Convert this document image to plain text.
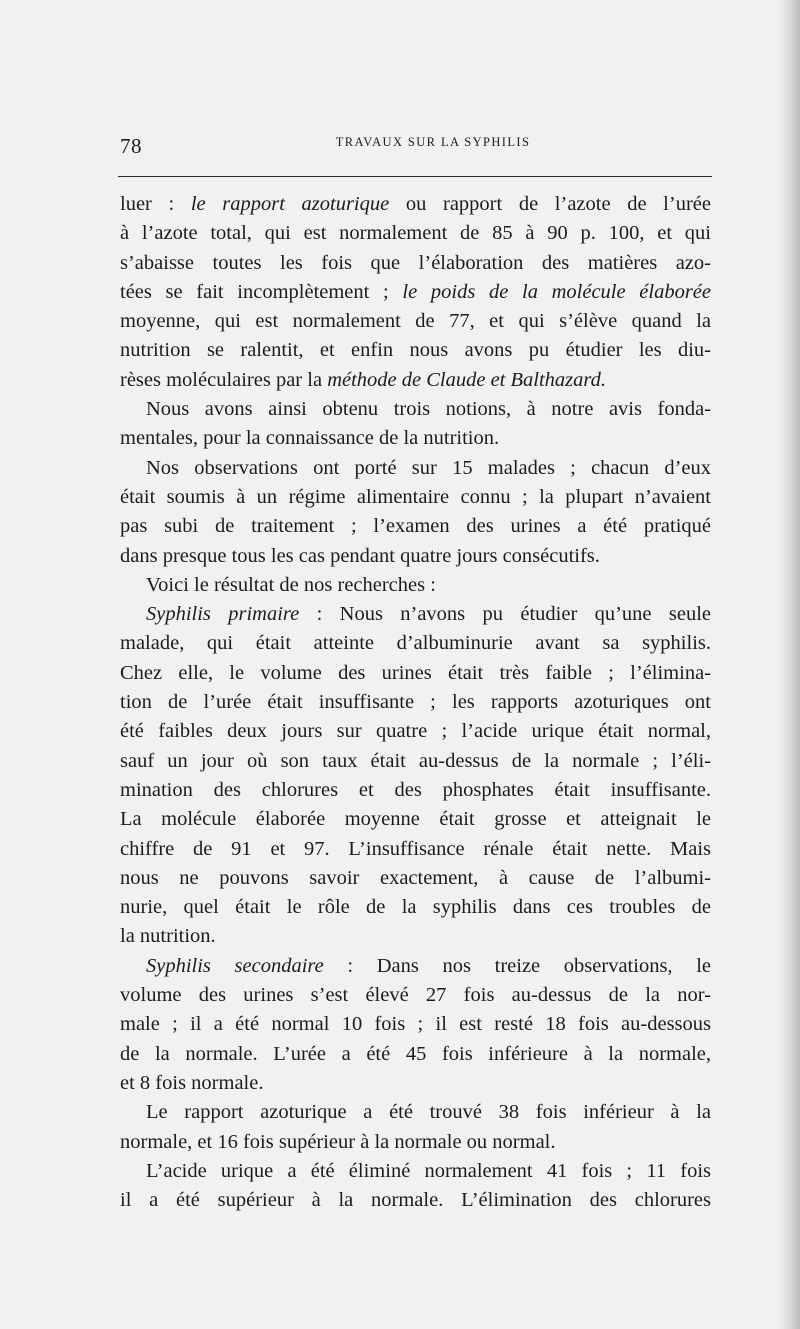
78	TRAVAUX SUR LA SYPHILIS
luer : le rapport azoturique ou rapport de l’azote de l’urée
à l’azote total, qui est normalement de 85 à 90 p. 100, et qui
s’abaisse toutes les fois que l’élaboration des matières azo-
tées se fait incomplètement ; le poids de la molécule élaborée
moyenne, qui est normalement de 77, et qui s’élève quand la
nutrition se ralentit, et enfin nous avons pu étudier les diu-
rèses moléculaires par la méthode de Claude et Balthazard.
Nous avons ainsi obtenu trois notions, à notre avis fonda-
mentales, pour la connaissance de la nutrition.
Nos observations ont porté sur 15 malades ; chacun d’eux
était soumis à un régime alimentaire connu ; la plupart n’avaient
pas subi de traitement ; l’examen des urines a été pratiqué
dans presque tous les cas pendant quatre jours consécutifs.
Voici le résultat de nos recherches :
Syphilis primaire : Nous n’avons pu étudier qu’une seule
malade, qui était atteinte d’albuminurie avant sa syphilis.
Chez elle, le volume des urines était très faible ; l’élimina-
tion de l’urée était insuffisante ; les rapports azoturiques ont
été faibles deux jours sur quatre ; l’acide urique était normal,
sauf un jour où son taux était au-dessus de la normale ; l’éli-
mination des chlorures et des phosphates était insuffisante.
La molécule élaborée moyenne était grosse et atteignait le
chiffre de 91 et 97. L’insuffisance rénale était nette. Mais
nous ne pouvons savoir exactement, à cause de l’albumi-
nurie, quel était le rôle de la syphilis dans ces troubles de
la nutrition.
Syphilis secondaire : Dans nos treize observations, le
volume des urines s’est élevé 27 fois au-dessus de la nor-
male ; il a été normal 10 fois ; il est resté 18 fois au-dessous
de la normale. L’urée a été 45 fois inférieure à la normale,
et 8 fois normale.
Le rapport azoturique a été trouvé 38 fois inférieur à la
normale, et 16 fois supérieur à la normale ou normal.
L’acide urique a été éliminé normalement 41 fois ; 11 fois
il a été supérieur à la normale. L’élimination des chlorures
